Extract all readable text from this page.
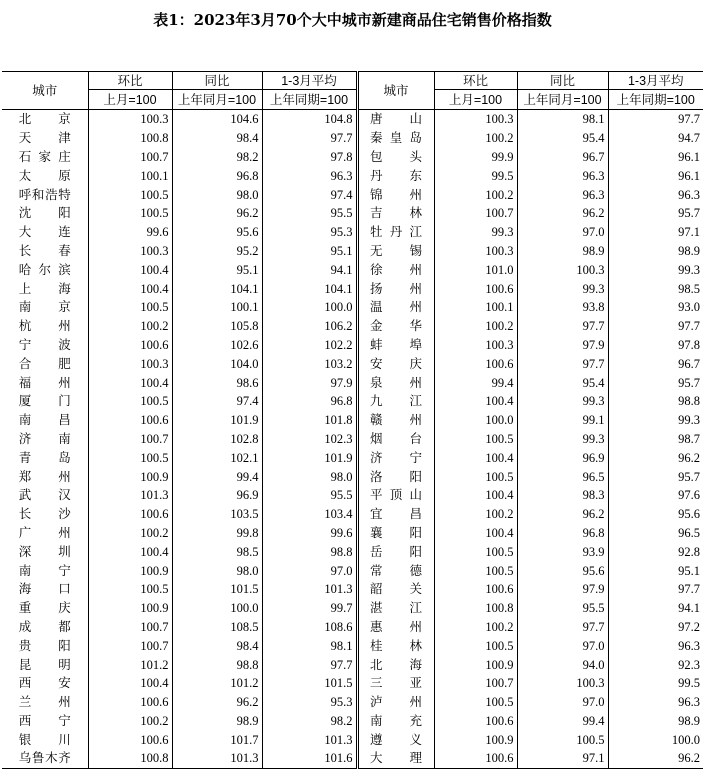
表1：2023年3月70个大中城市新建商品住宅销售价格指数
城市	环比	同比	1-3月平均	城市	环比	同比	1-3月平均
	上月=100	上年同月=100	上年同期=100		上月=100	上年同月=100	上年同期=100
北京	100.3	104.6	104.8	唐山	100.3	98.1	97.7
天津	100.8	98.4	97.7	秦皇岛	100.2	95.4	94.7
石家庄	100.7	98.2	97.8	包头	99.9	96.7	96.1
太原	100.1	96.8	96.3	丹东	99.5	96.3	96.1
呼和浩特	100.5	98.0	97.4	锦州	100.2	96.3	96.3
沈阳	100.5	96.2	95.5	吉林	100.7	96.2	95.7
大连	99.6	95.6	95.3	牡丹江	99.3	97.0	97.1
长春	100.3	95.2	95.1	无锡	100.3	98.9	98.9
哈尔滨	100.4	95.1	94.1	徐州	101.0	100.3	99.3
上海	100.4	104.1	104.1	扬州	100.6	99.3	98.5
南京	100.5	100.1	100.0	温州	100.1	93.8	93.0
杭州	100.2	105.8	106.2	金华	100.2	97.7	97.7
宁波	100.6	102.6	102.2	蚌埠	100.3	97.9	97.8
合肥	100.3	104.0	103.2	安庆	100.6	97.7	96.7
福州	100.4	98.6	97.9	泉州	99.4	95.4	95.7
厦门	100.5	97.4	96.8	九江	100.4	99.3	98.8
南昌	100.6	101.9	101.8	赣州	100.0	99.1	99.3
济南	100.7	102.8	102.3	烟台	100.5	99.3	98.7
青岛	100.5	102.1	101.9	济宁	100.4	96.9	96.2
郑州	100.9	99.4	98.0	洛阳	100.5	96.5	95.7
武汉	101.3	96.9	95.5	平顶山	100.4	98.3	97.6
长沙	100.6	103.5	103.4	宜昌	100.2	96.2	95.6
广州	100.2	99.8	99.6	襄阳	100.4	96.8	96.5
深圳	100.4	98.5	98.8	岳阳	100.5	93.9	92.8
南宁	100.9	98.0	97.0	常德	100.5	95.6	95.1
海口	100.5	101.5	101.3	韶关	100.6	97.9	97.7
重庆	100.9	100.0	99.7	湛江	100.8	95.5	94.1
成都	100.7	108.5	108.6	惠州	100.2	97.7	97.2
贵阳	100.7	98.4	98.1	桂林	100.5	97.0	96.3
昆明	101.2	98.8	97.7	北海	100.9	94.0	92.3
西安	100.4	101.2	101.5	三亚	100.7	100.3	99.5
兰州	100.6	96.2	95.3	泸州	100.5	97.0	96.3
西宁	100.2	98.9	98.2	南充	100.6	99.4	98.9
银川	100.6	101.7	101.3	遵义	100.9	100.5	100.0
乌鲁木齐	100.8	101.3	101.6	大理	100.6	97.1	96.2
